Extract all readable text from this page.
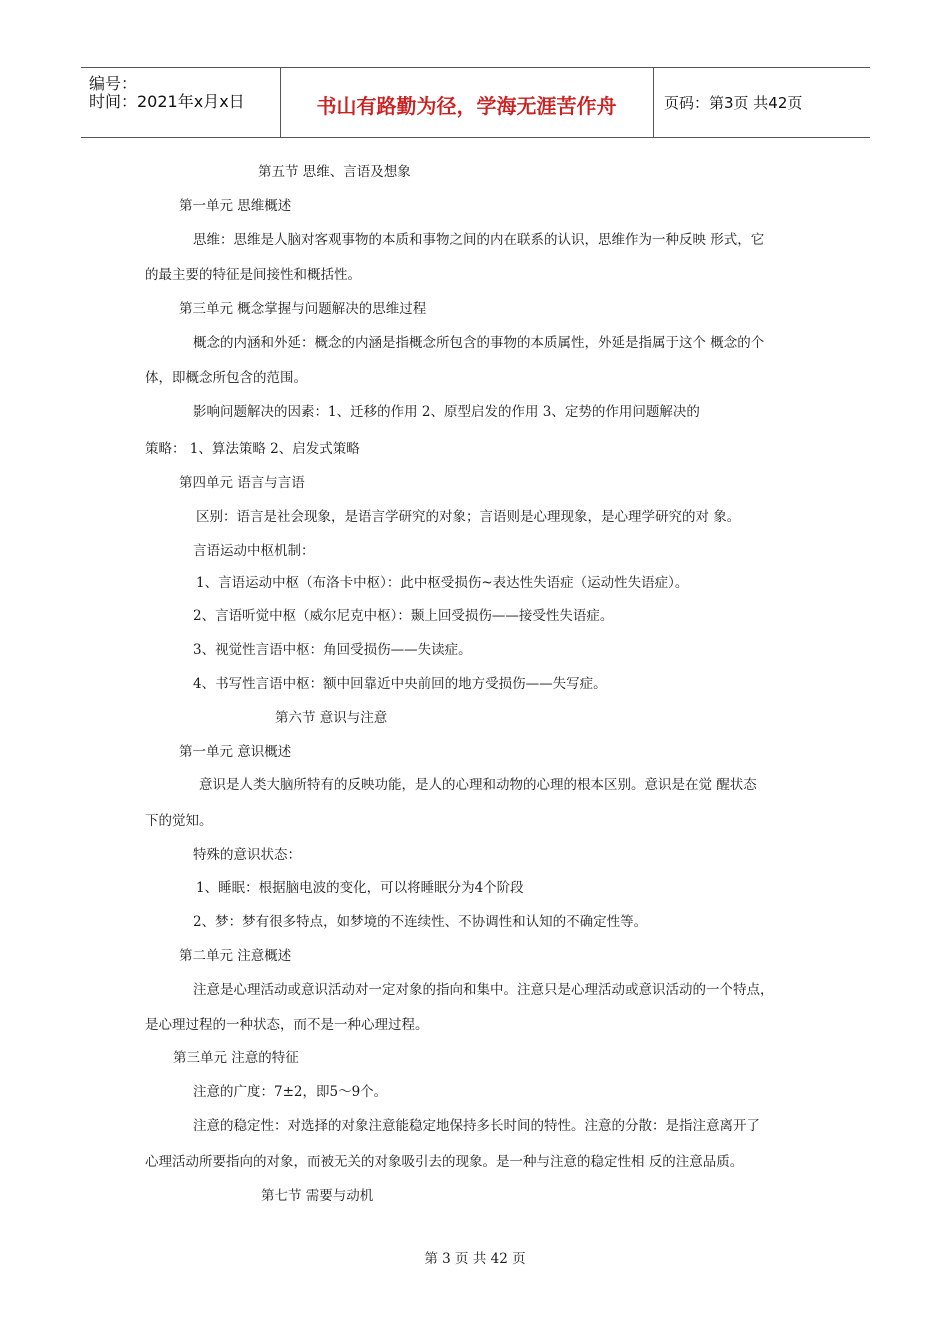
编号：
时间：2021年x月x日	书山有路勤为径，学海无涯苦作舟	页码：第3页 共42页
第五节 思维、言语及想象
第一单元 思维概述
思维：思维是人脑对客观事物的本质和事物之间的内在联系的认识，思维作为一种反映 形式，它
的最主要的特征是间接性和概括性。
第三单元 概念掌握与问题解决的思维过程
概念的内涵和外延：概念的内涵是指概念所包含的事物的本质属性，外延是指属于这个 概念的个
体，即概念所包含的范围。
影响问题解决的因素：1、迁移的作用 2、原型启发的作用 3、定势的作用问题解决的
策略： 1、算法策略 2、启发式策略
第四单元 语言与言语
区别：语言是社会现象，是语言学研究的对象；言语则是心理现象，是心理学研究的对 象。
言语运动中枢机制：
1、言语运动中枢（布洛卡中枢）：此中枢受损伤~表达性失语症（运动性失语症）。
2、言语听觉中枢（威尔尼克中枢）：颞上回受损伤——接受性失语症。
3、视觉性言语中枢：角回受损伤——失读症。
4、书写性言语中枢：额中回靠近中央前回的地方受损伤——失写症。
第六节 意识与注意
第一单元 意识概述
意识是人类大脑所特有的反映功能，是人的心理和动物的心理的根本区别。意识是在觉 醒状态
下的觉知。
特殊的意识状态：
1、睡眠：根据脑电波的变化，可以将睡眠分为4个阶段
2、梦：梦有很多特点，如梦境的不连续性、不协调性和认知的不确定性等。
第二单元 注意概述
注意是心理活动或意识活动对一定对象的指向和集中。注意只是心理活动或意识活动的一个特点，
是心理过程的一种状态，而不是一种心理过程。
第三单元 注意的特征
注意的广度：7±2，即5～9个。
注意的稳定性：对选择的对象注意能稳定地保持多长时间的特性。注意的分散：是指注意离开了
心理活动所要指向的对象，而被无关的对象吸引去的现象。是一种与注意的稳定性相 反的注意品质。
第七节 需要与动机
第 3 页 共 42 页
